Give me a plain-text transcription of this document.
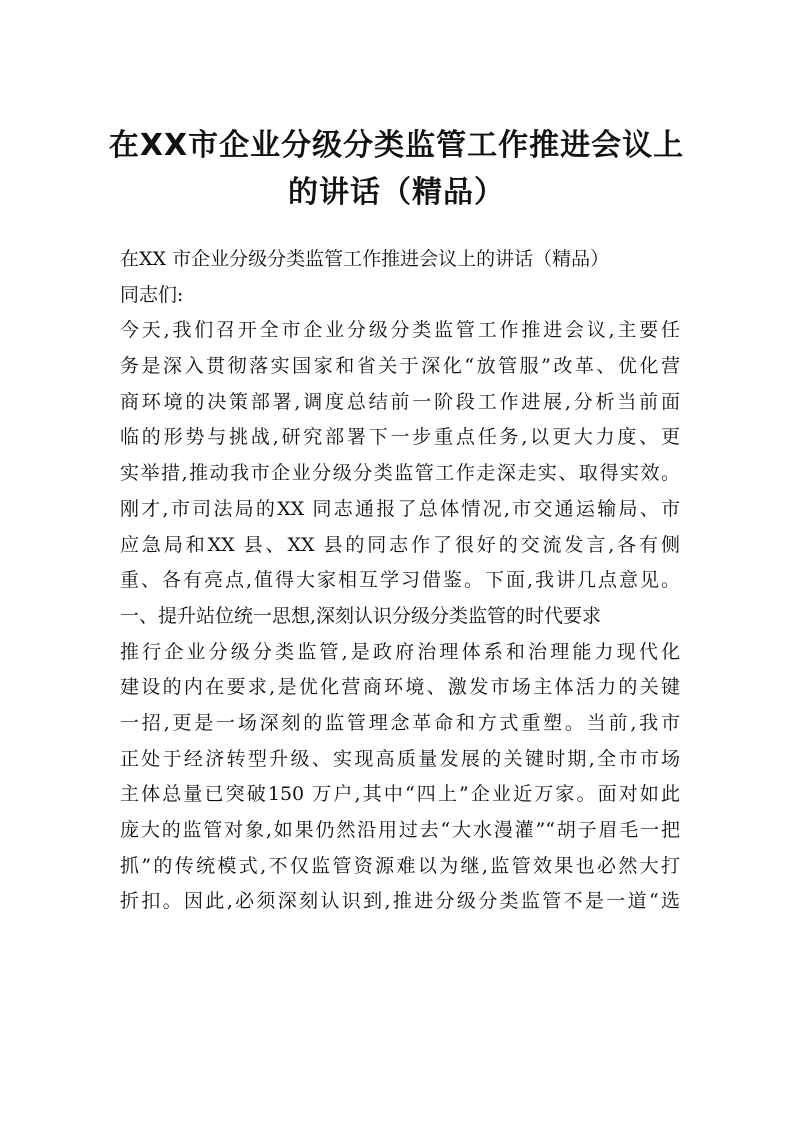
在XX市企业分级分类监管工作推进会议上
的讲话（精品）
在XX 市企业分级分类监管工作推进会议上的讲话（精品）
同志们:
今天,我们召开全市企业分级分类监管工作推进会议,主要任
务是深入贯彻落实国家和省关于深化“放管服”改革、优化营
商环境的决策部署,调度总结前一阶段工作进展,分析当前面
临的形势与挑战,研究部署下一步重点任务,以更大力度、更
实举措,推动我市企业分级分类监管工作走深走实、取得实效。
刚才,市司法局的XX 同志通报了总体情况,市交通运输局、市
应急局和XX 县、XX 县的同志作了很好的交流发言,各有侧
重、各有亮点,值得大家相互学习借鉴。下面,我讲几点意见。
一、提升站位统一思想,深刻认识分级分类监管的时代要求
推行企业分级分类监管,是政府治理体系和治理能力现代化
建设的内在要求,是优化营商环境、激发市场主体活力的关键
一招,更是一场深刻的监管理念革命和方式重塑。当前,我市
正处于经济转型升级、实现高质量发展的关键时期,全市市场
主体总量已突破150 万户,其中“四上”企业近万家。面对如此
庞大的监管对象,如果仍然沿用过去“大水漫灌”“胡子眉毛一把
抓”的传统模式,不仅监管资源难以为继,监管效果也必然大打
折扣。因此,必须深刻认识到,推进分级分类监管不是一道“选
